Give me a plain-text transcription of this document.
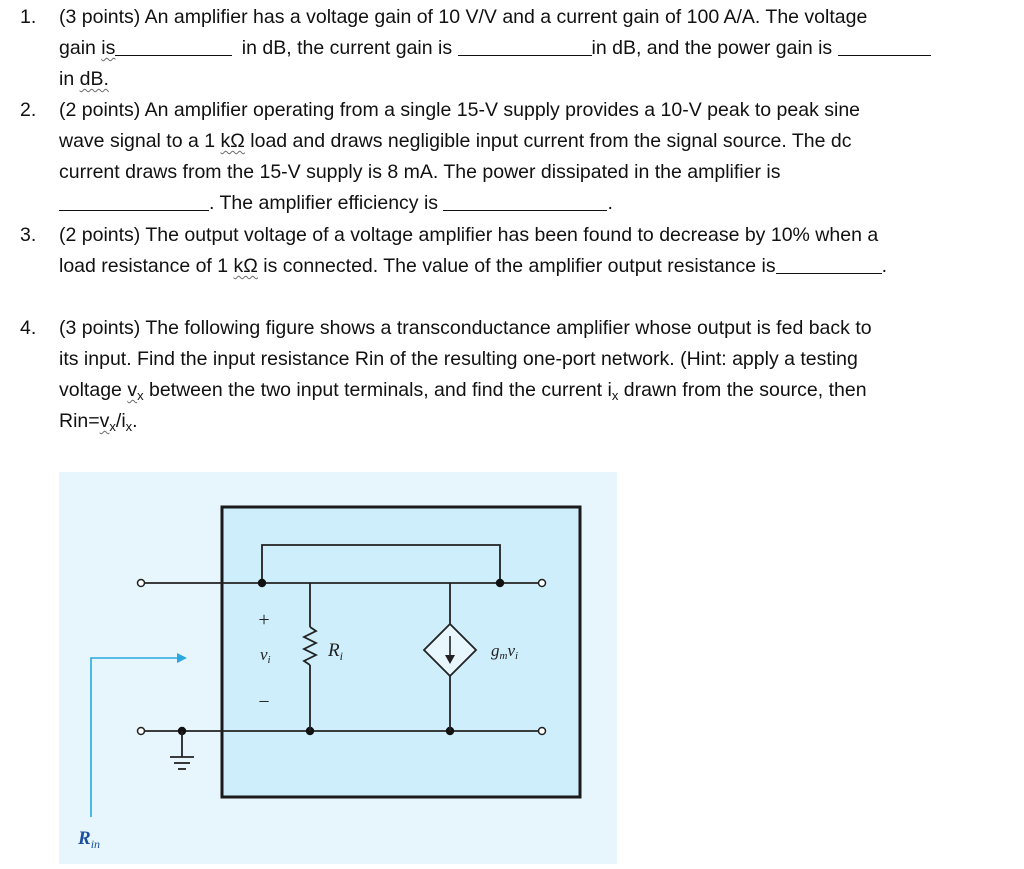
1. (3 points) An amplifier has a voltage gain of 10 V/V and a current gain of 100 A/A. The voltage
gain is	in dB, the current gain is	in dB, and the power gain is
in dB.
2. (2 points) An amplifier operating from a single 15-V supply provides a 10-V peak to peak sine
wave signal to a 1 kΩ load and draws negligible input current from the signal source. The dc
current draws from the 15-V supply is 8 mA. The power dissipated in the amplifier is
. The amplifier efficiency is	.
3. (2 points) The output voltage of a voltage amplifier has been found to decrease by 10% when a
load resistance of 1 kΩ is connected. The value of the amplifier output resistance is	.
4. (3 points) The following figure shows a transconductance amplifier whose output is fed back to
its input. Find the input resistance Rin of the resulting one-port network. (Hint: apply a testing
voltage $v_x$ between the two input terminals, and find the current $i_x$ drawn from the source, then
$Rin=v_x/i_x$.
+
vi
−
$R_i$	gmvi
$R_{in}$
